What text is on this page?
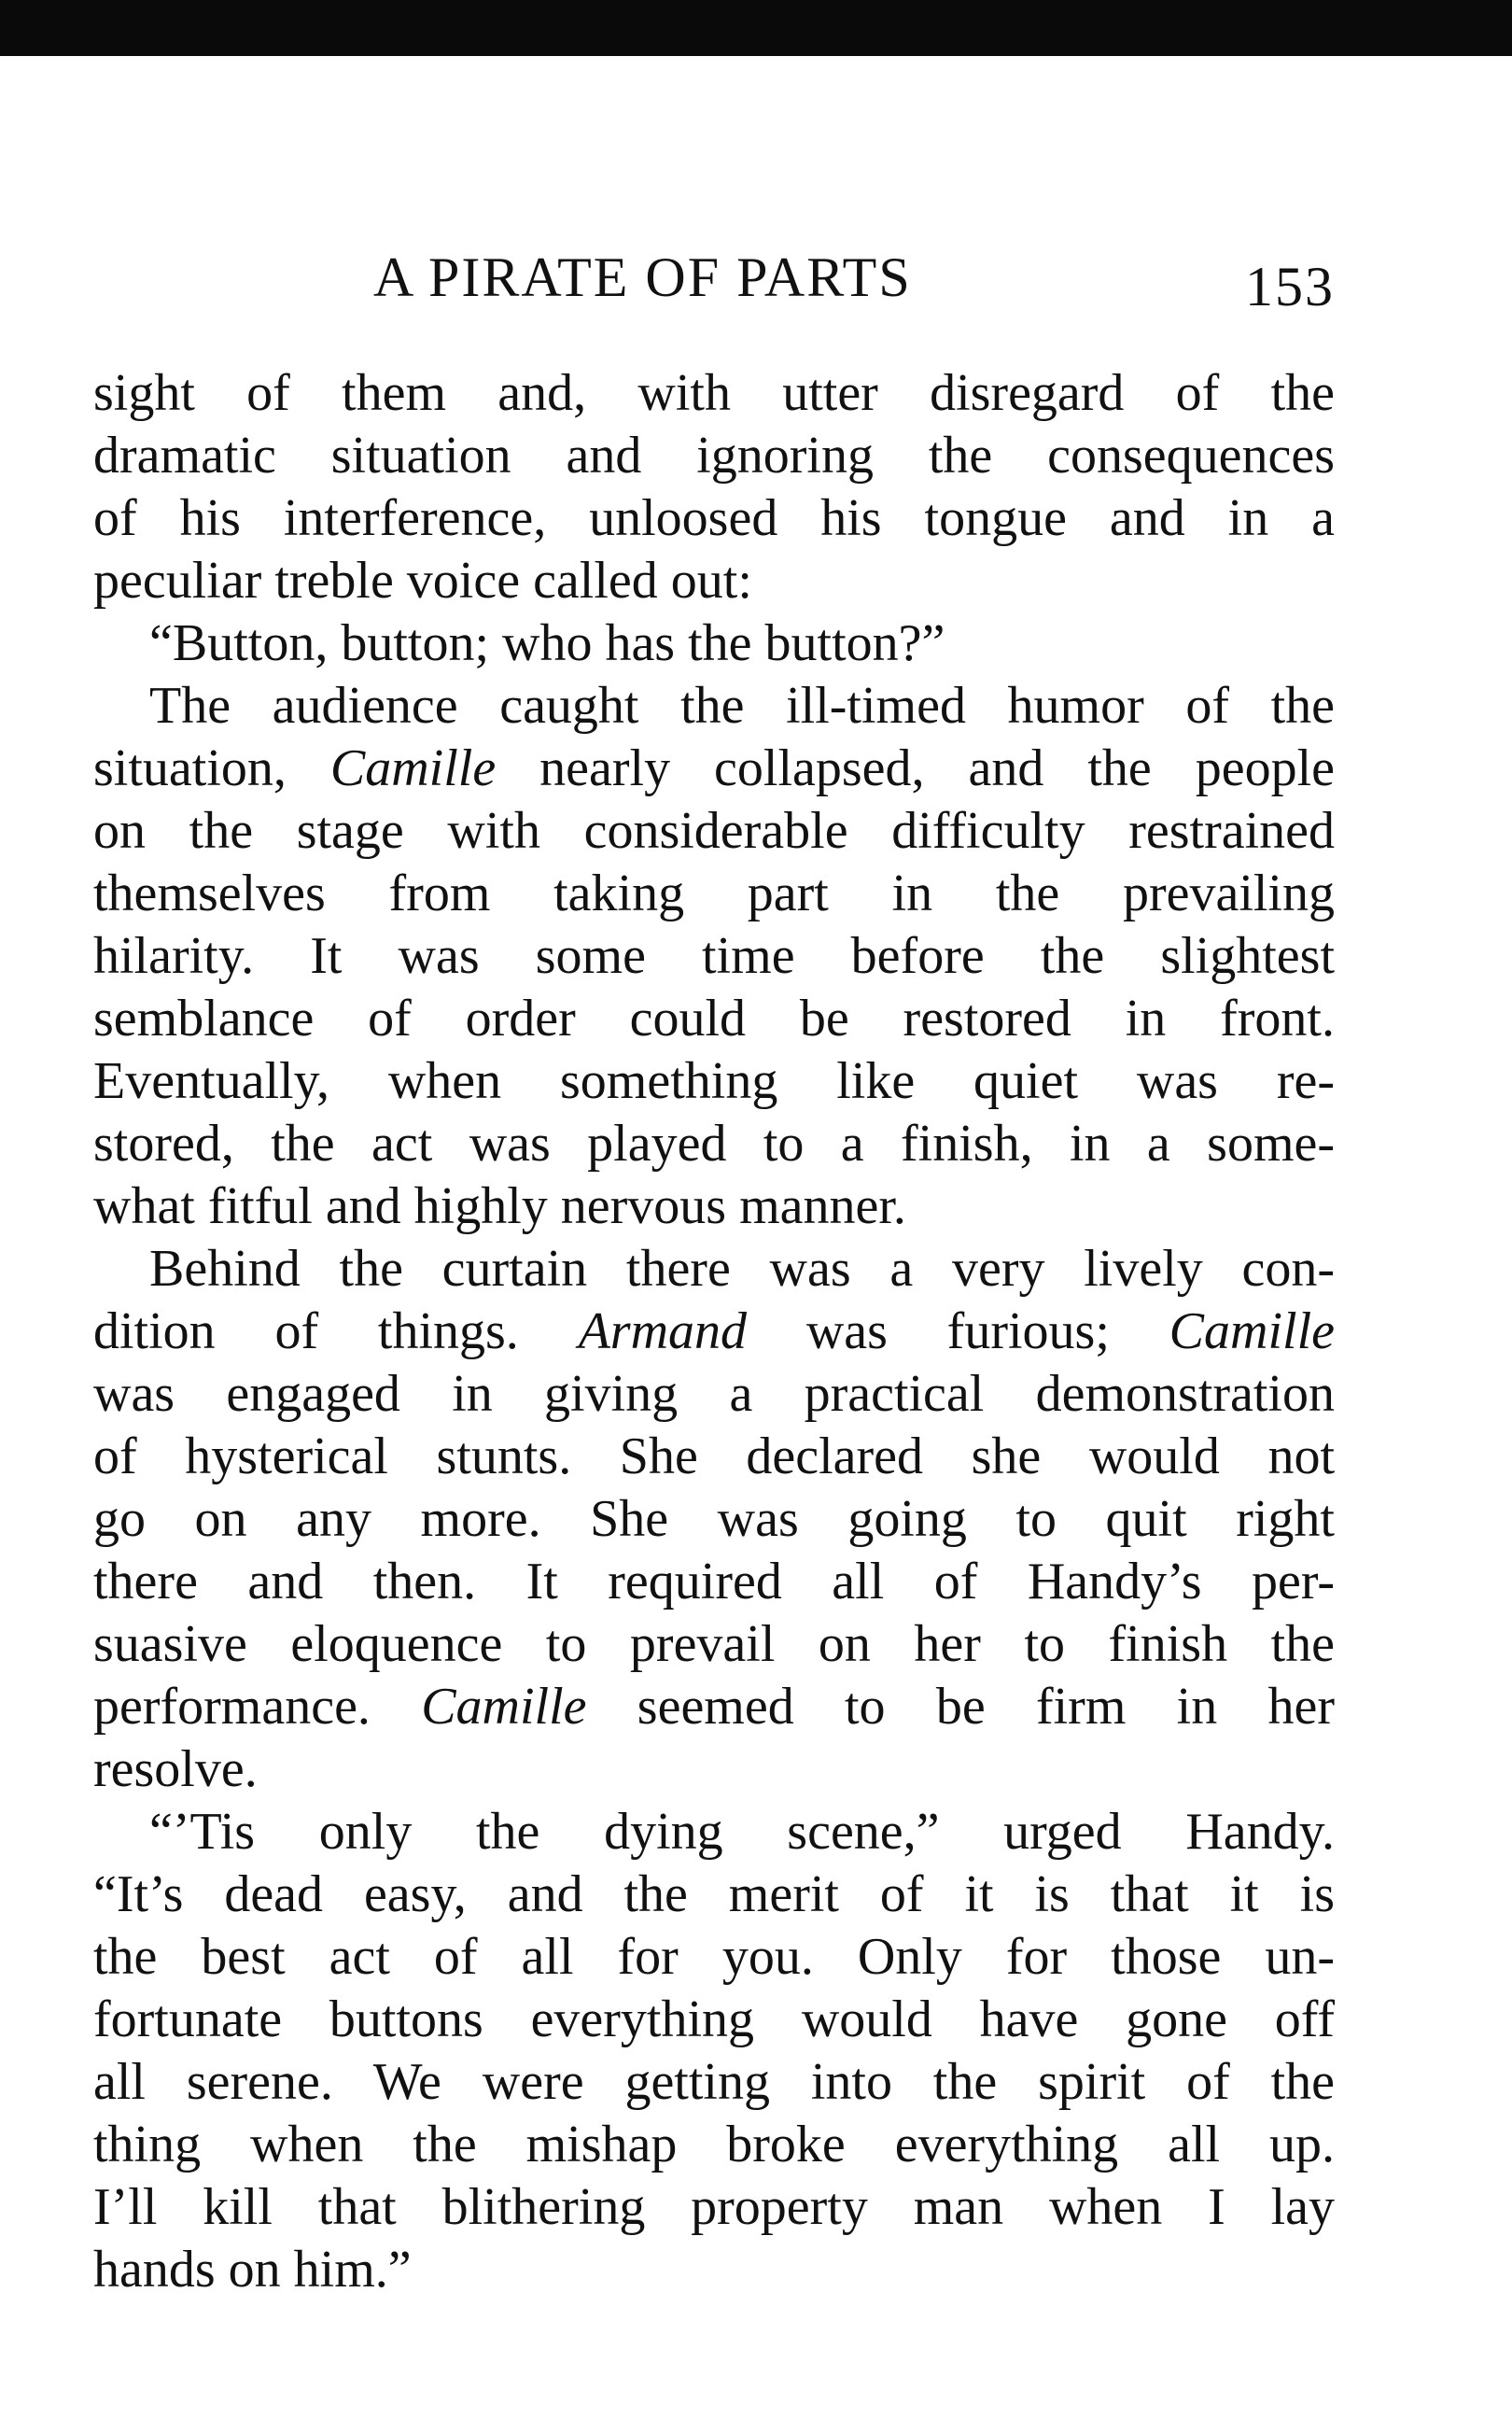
A PIRATE OF PARTS	153
sight of them and, with utter disregard of the
dramatic situation and ignoring the consequences
of his interference, unloosed his tongue and in a
peculiar treble voice called out:
“Button, button; who has the button?”
The audience caught the ill-timed humor of the
situation, Camille nearly collapsed, and the people
on the stage with considerable difficulty restrained
themselves from taking part in the prevailing
hilarity. It was some time before the slightest
semblance of order could be restored in front.
Eventually, when something like quiet was re-
stored, the act was played to a finish, in a some-
what fitful and highly nervous manner.
Behind the curtain there was a very lively con-
dition of things. Armand was furious; Camille
was engaged in giving a practical demonstration
of hysterical stunts. She declared she would not
go on any more. She was going to quit right
there and then. It required all of Handy’s per-
suasive eloquence to prevail on her to finish the
performance. Camille seemed to be firm in her
resolve.
“’Tis only the dying scene,” urged Handy.
“It’s dead easy, and the merit of it is that it is
the best act of all for you. Only for those un-
fortunate buttons everything would have gone off
all serene. We were getting into the spirit of the
thing when the mishap broke everything all up.
I’ll kill that blithering property man when I lay
hands on him.”
